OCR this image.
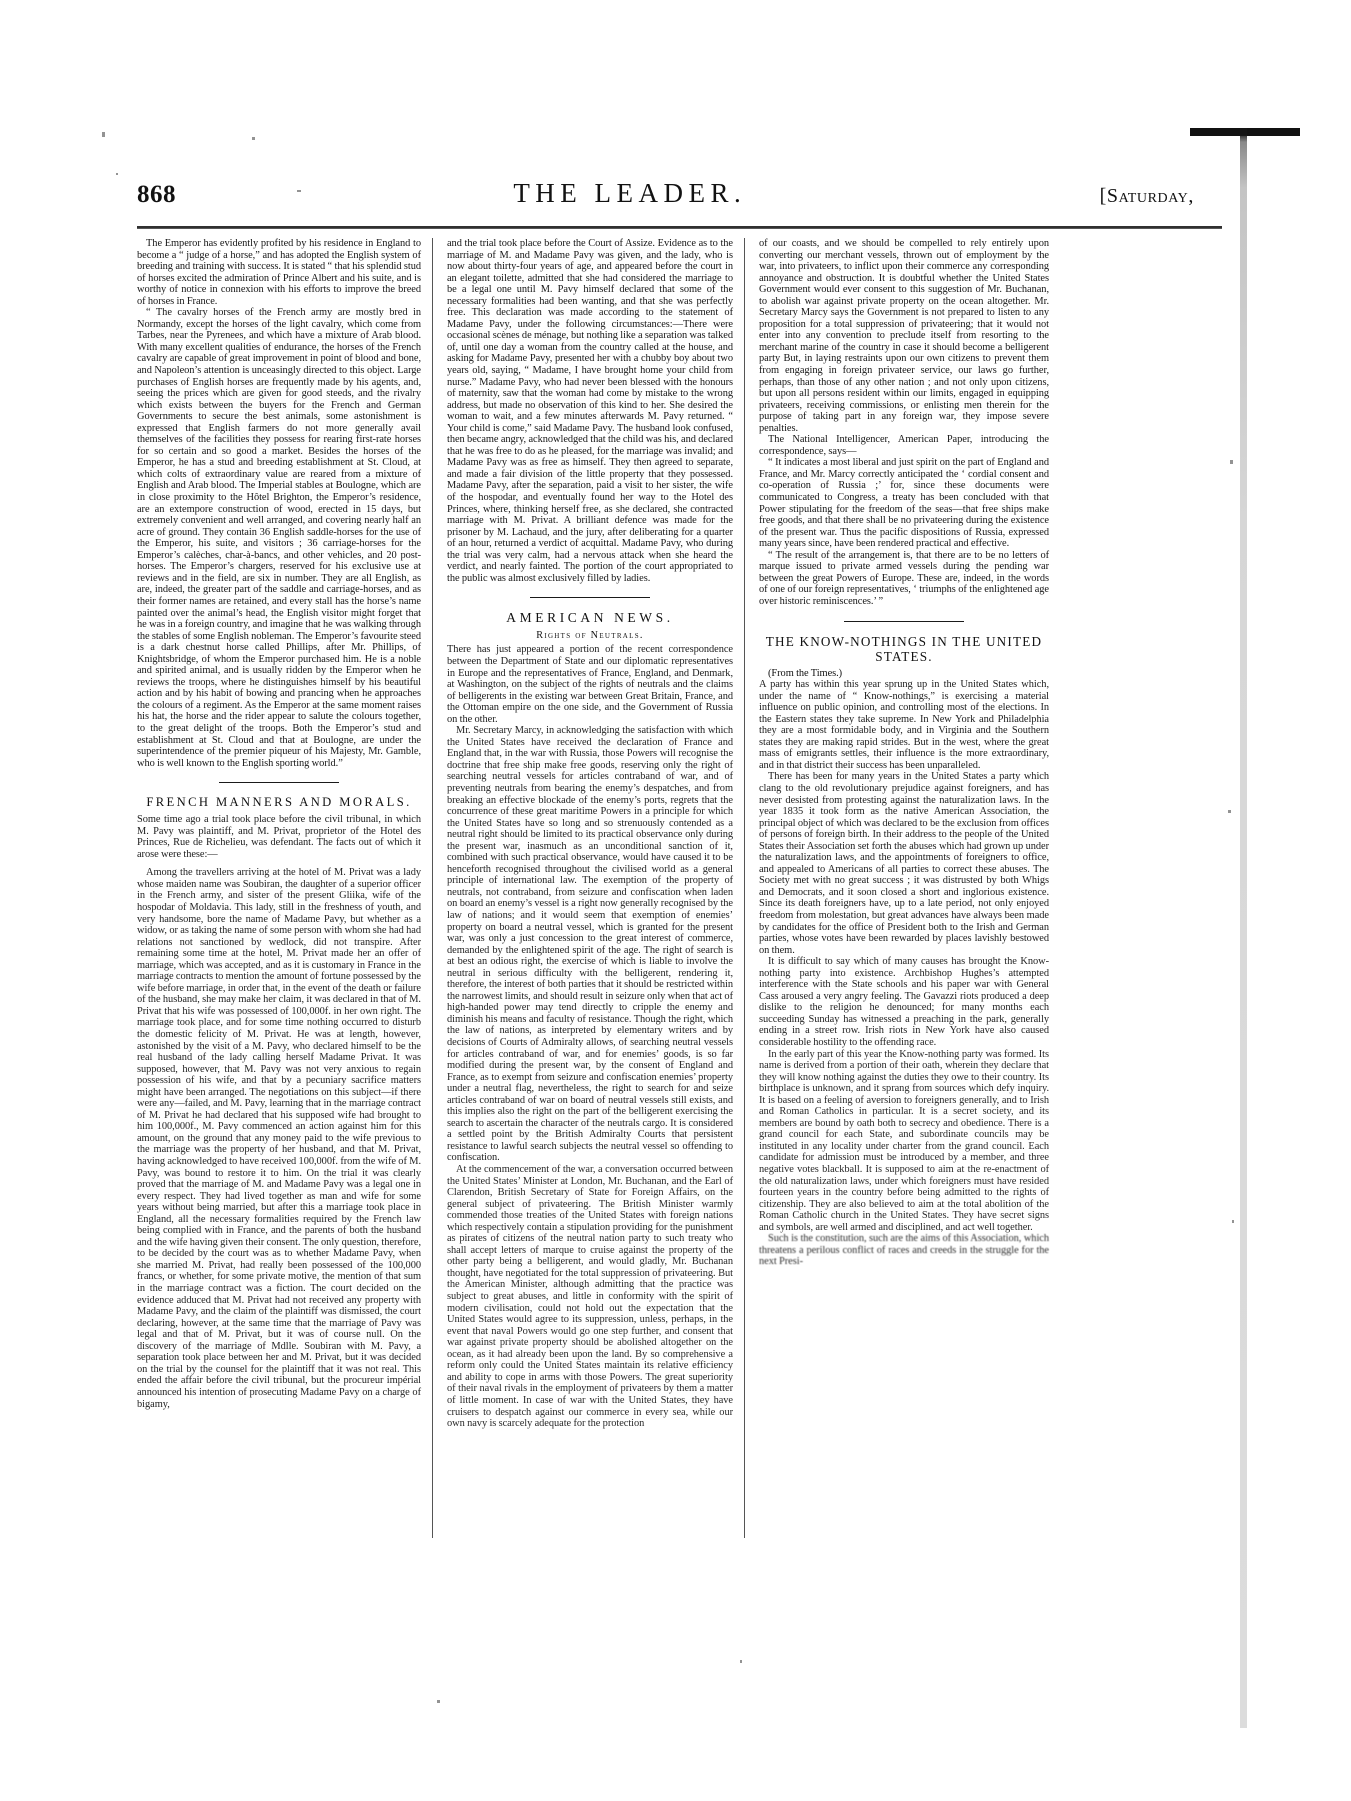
868	THE LEADER.	[Saturday,

The Emperor has evidently profited by his residence in England to become a “ judge of a horse,” and has adopted the English system of breeding and training with success. It is stated “ that his splendid stud of horses excited the admiration of Prince Albert and his suite, and is worthy of notice in connexion with his efforts to improve the breed of horses in France.

“ The cavalry horses of the French army are mostly bred in Normandy, except the horses of the light cavalry, which come from Tarbes, near the Pyrenees, and which have a mixture of Arab blood. With many excellent qualities of endurance, the horses of the French cavalry are capable of great improvement in point of blood and bone, and Napoleon’s attention is unceasingly directed to this object. Large purchases of English horses are frequently made by his agents, and, seeing the prices which are given for good steeds, and the rivalry which exists between the buyers for the French and German Governments to secure the best animals, some astonishment is expressed that English farmers do not more generally avail themselves of the facilities they possess for rearing first-rate horses for so certain and so good a market. Besides the horses of the Emperor, he has a stud and breeding establishment at St. Cloud, at which colts of extraordinary value are reared from a mixture of English and Arab blood. The Imperial stables at Boulogne, which are in close proximity to the Hôtel Brighton, the Emperor’s residence, are an extempore construction of wood, erected in 15 days, but extremely convenient and well arranged, and covering nearly half an acre of ground. They contain 36 English saddle-horses for the use of the Emperor, his suite, and visitors ; 36 carriage-horses for the Emperor’s calèches, char-à-bancs, and other vehicles, and 20 post-horses. The Emperor’s chargers, reserved for his exclusive use at reviews and in the field, are six in number. They are all English, as are, indeed, the greater part of the saddle and carriage-horses, and as their former names are retained, and every stall has the horse’s name painted over the animal’s head, the English visitor might forget that he was in a foreign country, and imagine that he was walking through the stables of some English nobleman. The Emperor’s favourite steed is a dark chestnut horse called Phillips, after Mr. Phillips, of Knightsbridge, of whom the Emperor purchased him. He is a noble and spirited animal, and is usually ridden by the Emperor when he reviews the troops, where he distinguishes himself by his beautiful action and by his habit of bowing and prancing when he approaches the colours of a regiment. As the Emperor at the same moment raises his hat, the horse and the rider appear to salute the colours together, to the great delight of the troops. Both the Emperor’s stud and establishment at St. Cloud and that at Boulogne, are under the superintendence of the premier piqueur of his Majesty, Mr. Gamble, who is well known to the English sporting world.”

FRENCH MANNERS AND MORALS.

Some time ago a trial took place before the civil tribunal, in which M. Pavy was plaintiff, and M. Privat, proprietor of the Hotel des Princes, Rue de Richelieu, was defendant. The facts out of which it arose were these:—

Among the travellers arriving at the hotel of M. Privat was a lady whose maiden name was Soubiran, the daughter of a superior officer in the French army, and sister of the present Gliika, wife of the hospodar of Moldavia. This lady, still in the freshness of youth, and very handsome, bore the name of Madame Pavy, but whether as a widow, or as taking the name of some person with whom she had had relations not sanctioned by wedlock, did not transpire. After remaining some time at the hotel, M. Privat made her an offer of marriage, which was accepted, and as it is customary in France in the marriage contracts to mention the amount of fortune possessed by the wife before marriage, in order that, in the event of the death or failure of the husband, she may make her claim, it was declared in that of M. Privat that his wife was possessed of 100,000f. in her own right. The marriage took place, and for some time nothing occurred to disturb the domestic felicity of M. Privat. He was at length, however, astonished by the visit of a M. Pavy, who declared himself to be the real husband of the lady calling herself Madame Privat. It was supposed, however, that M. Pavy was not very anxious to regain possession of his wife, and that by a pecuniary sacrifice matters might have been arranged. The negotiations on this subject—if there were any—failed, and M. Pavy, learning that in the marriage contract of M. Privat he had declared that his supposed wife had brought to him 100,000f., M. Pavy commenced an action against him for this amount, on the ground that any money paid to the wife previous to the marriage was the property of her husband, and that M. Privat, having acknowledged to have received 100,000f. from the wife of M. Pavy, was bound to restore it to him. On the trial it was clearly proved that the marriage of M. and Madame Pavy was a legal one in every respect. They had lived together as man and wife for some years without being married, but after this a marriage took place in England, all the necessary formalities required by the French law being complied with in France, and the parents of both the husband and the wife having given their consent. The only question, therefore, to be decided by the court was as to whether Madame Pavy, when she married M. Privat, had really been possessed of the 100,000 francs, or whether, for some private motive, the mention of that sum in the marriage contract was a fiction. The court decided on the evidence adduced that M. Privat had not received any property with Madame Pavy, and the claim of the plaintiff was dismissed, the court declaring, however, at the same time that the marriage of Pavy was legal and that of M. Privat, but it was of course null. On the discovery of the marriage of Mdlle. Soubiran with M. Pavy, a separation took place between her and M. Privat, but it was decided on the trial by the counsel for the plaintiff that it was not real. This ended the affair before the civil tribunal, but the procureur impérial announced his intention of prosecuting Madame Pavy on a charge of bigamy,

and the trial took place before the Court of Assize. Evidence as to the marriage of M. and Madame Pavy was given, and the lady, who is now about thirty-four years of age, and appeared before the court in an elegant toilette, admitted that she had considered the marriage to be a legal one until M. Pavy himself declared that some of the necessary formalities had been wanting, and that she was perfectly free. This declaration was made according to the statement of Madame Pavy, under the following circumstances:—There were occasional scènes de ménage, but nothing like a separation was talked of, until one day a woman from the country called at the house, and asking for Madame Pavy, presented her with a chubby boy about two years old, saying, “ Madame, I have brought home your child from nurse.” Madame Pavy, who had never been blessed with the honours of maternity, saw that the woman had come by mistake to the wrong address, but made no observation of this kind to her. She desired the woman to wait, and a few minutes afterwards M. Pavy returned. “ Your child is come,” said Madame Pavy. The husband look confused, then became angry, acknowledged that the child was his, and declared that he was free to do as he pleased, for the marriage was invalid; and Madame Pavy was as free as himself. They then agreed to separate, and made a fair division of the little property that they possessed. Madame Pavy, after the separation, paid a visit to her sister, the wife of the hospodar, and eventually found her way to the Hotel des Princes, where, thinking herself free, as she declared, she contracted marriage with M. Privat. A brilliant defence was made for the prisoner by M. Lachaud, and the jury, after deliberating for a quarter of an hour, returned a verdict of acquittal. Madame Pavy, who during the trial was very calm, had a nervous attack when she heard the verdict, and nearly fainted. The portion of the court appropriated to the public was almost exclusively filled by ladies.

AMERICAN NEWS.
Rights of Neutrals.

There has just appeared a portion of the recent correspondence between the Department of State and our diplomatic representatives in Europe and the representatives of France, England, and Denmark, at Washington, on the subject of the rights of neutrals and the claims of belligerents in the existing war between Great Britain, France, and the Ottoman empire on the one side, and the Government of Russia on the other.

Mr. Secretary Marcy, in acknowledging the satisfaction with which the United States have received the declaration of France and England that, in the war with Russia, those Powers will recognise the doctrine that free ship make free goods, reserving only the right of searching neutral vessels for articles contraband of war, and of preventing neutrals from bearing the enemy’s despatches, and from breaking an effective blockade of the enemy’s ports, regrets that the concurrence of these great maritime Powers in a principle for which the United States have so long and so strenuously contended as a neutral right should be limited to its practical observance only during the present war, inasmuch as an unconditional sanction of it, combined with such practical observance, would have caused it to be henceforth recognised throughout the civilised world as a general principle of international law. The exemption of the property of neutrals, not contraband, from seizure and confiscation when laden on board an enemy’s vessel is a right now generally recognised by the law of nations; and it would seem that exemption of enemies’ property on board a neutral vessel, which is granted for the present war, was only a just concession to the great interest of commerce, demanded by the enlightened spirit of the age. The right of search is at best an odious right, the exercise of which is liable to involve the neutral in serious difficulty with the belligerent, rendering it, therefore, the interest of both parties that it should be restricted within the narrowest limits, and should result in seizure only when that act of high-handed power may tend directly to cripple the enemy and diminish his means and faculty of resistance. Though the right, which the law of nations, as interpreted by elementary writers and by decisions of Courts of Admiralty allows, of searching neutral vessels for articles contraband of war, and for enemies’ goods, is so far modified during the present war, by the consent of England and France, as to exempt from seizure and confiscation enemies’ property under a neutral flag, nevertheless, the right to search for and seize articles contraband of war on board of neutral vessels still exists, and this implies also the right on the part of the belligerent exercising the search to ascertain the character of the neutrals cargo. It is considered a settled point by the British Admiralty Courts that persistent resistance to lawful search subjects the neutral vessel so offending to confiscation.

At the commencement of the war, a conversation occurred between the United States’ Minister at London, Mr. Buchanan, and the Earl of Clarendon, British Secretary of State for Foreign Affairs, on the general subject of privateering. The British Minister warmly commended those treaties of the United States with foreign nations which respectively contain a stipulation providing for the punishment as pirates of citizens of the neutral nation party to such treaty who shall accept letters of marque to cruise against the property of the other party being a belligerent, and would gladly, Mr. Buchanan thought, have negotiated for the total suppression of privateering. But the American Minister, although admitting that the practice was subject to great abuses, and little in conformity with the spirit of modern civilisation, could not hold out the expectation that the United States would agree to its suppression, unless, perhaps, in the event that naval Powers would go one step further, and consent that war against private property should be abolished altogether on the ocean, as it had already been upon the land. By so comprehensive a reform only could the United States maintain its relative efficiency and ability to cope in arms with those Powers. The great superiority of their naval rivals in the employment of privateers by them a matter of little moment. In case of war with the United States, they have cruisers to despatch against our commerce in every sea, while our own navy is scarcely adequate for the protection

of our coasts, and we should be compelled to rely entirely upon converting our merchant vessels, thrown out of employment by the war, into privateers, to inflict upon their commerce any corresponding annoyance and obstruction. It is doubtful whether the United States Government would ever consent to this suggestion of Mr. Buchanan, to abolish war against private property on the ocean altogether. Mr. Secretary Marcy says the Government is not prepared to listen to any proposition for a total suppression of privateering; that it would not enter into any convention to preclude itself from resorting to the merchant marine of the country in case it should become a belligerent party But, in laying restraints upon our own citizens to prevent them from engaging in foreign privateer service, our laws go further, perhaps, than those of any other nation ; and not only upon citizens, but upon all persons resident within our limits, engaged in equipping privateers, receiving commissions, or enlisting men therein for the purpose of taking part in any foreign war, they impose severe penalties.

The National Intelligencer, American Paper, introducing the correspondence, says—

“ It indicates a most liberal and just spirit on the part of England and France, and Mr. Marcy correctly anticipated the ‘ cordial consent and co-operation of Russia ;’ for, since these documents were communicated to Congress, a treaty has been concluded with that Power stipulating for the freedom of the seas—that free ships make free goods, and that there shall be no privateering during the existence of the present war. Thus the pacific dispositions of Russia, expressed many years since, have been rendered practical and effective.

“ The result of the arrangement is, that there are to be no letters of marque issued to private armed vessels during the pending war between the great Powers of Europe. These are, indeed, in the words of one of our foreign representatives, ‘ triumphs of the enlightened age over historic reminiscences.’ ”

THE KNOW-NOTHINGS IN THE UNITED STATES.

(From the Times.)

A party has within this year sprung up in the United States which, under the name of “ Know-nothings,” is exercising a material influence on public opinion, and controlling most of the elections. In the Eastern states they take supreme. In New York and Philadelphia they are a most formidable body, and in Virginia and the Southern states they are making rapid strides. But in the west, where the great mass of emigrants settles, their influence is the more extraordinary, and in that district their success has been unparalleled.

There has been for many years in the United States a party which clang to the old revolutionary prejudice against foreigners, and has never desisted from protesting against the naturalization laws. In the year 1835 it took form as the native American Association, the principal object of which was declared to be the exclusion from offices of persons of foreign birth. In their address to the people of the United States their Association set forth the abuses which had grown up under the naturalization laws, and the appointments of foreigners to office, and appealed to Americans of all parties to correct these abuses. The Society met with no great success ; it was distrusted by both Whigs and Democrats, and it soon closed a short and inglorious existence. Since its death foreigners have, up to a late period, not only enjoyed freedom from molestation, but great advances have always been made by candidates for the office of President both to the Irish and German parties, whose votes have been rewarded by places lavishly bestowed on them.

It is difficult to say which of many causes has brought the Know-nothing party into existence. Archbishop Hughes’s attempted interference with the State schools and his paper war with General Cass aroused a very angry feeling. The Gavazzi riots produced a deep dislike to the religion he denounced; for many months each succeeding Sunday has witnessed a preaching in the park, generally ending in a street row. Irish riots in New York have also caused considerable hostility to the offending race.

In the early part of this year the Know-nothing party was formed. Its name is derived from a portion of their oath, wherein they declare that they will know nothing against the duties they owe to their country. Its birthplace is unknown, and it sprang from sources which defy inquiry. It is based on a feeling of aversion to foreigners generally, and to Irish and Roman Catholics in particular. It is a secret society, and its members are bound by oath both to secrecy and obedience. There is a grand council for each State, and subordinate councils may be instituted in any locality under charter from the grand council. Each candidate for admission must be introduced by a member, and three negative votes blackball. It is supposed to aim at the re-enactment of the old naturalization laws, under which foreigners must have resided fourteen years in the country before being admitted to the rights of citizenship. They are also believed to aim at the total abolition of the Roman Catholic church in the United States. They have secret signs and symbols, are well armed and disciplined, and act well together.

Such is the constitution, such are the aims of this Association, which threatens a perilous conflict of races and creeds in the struggle for the next Presi-
